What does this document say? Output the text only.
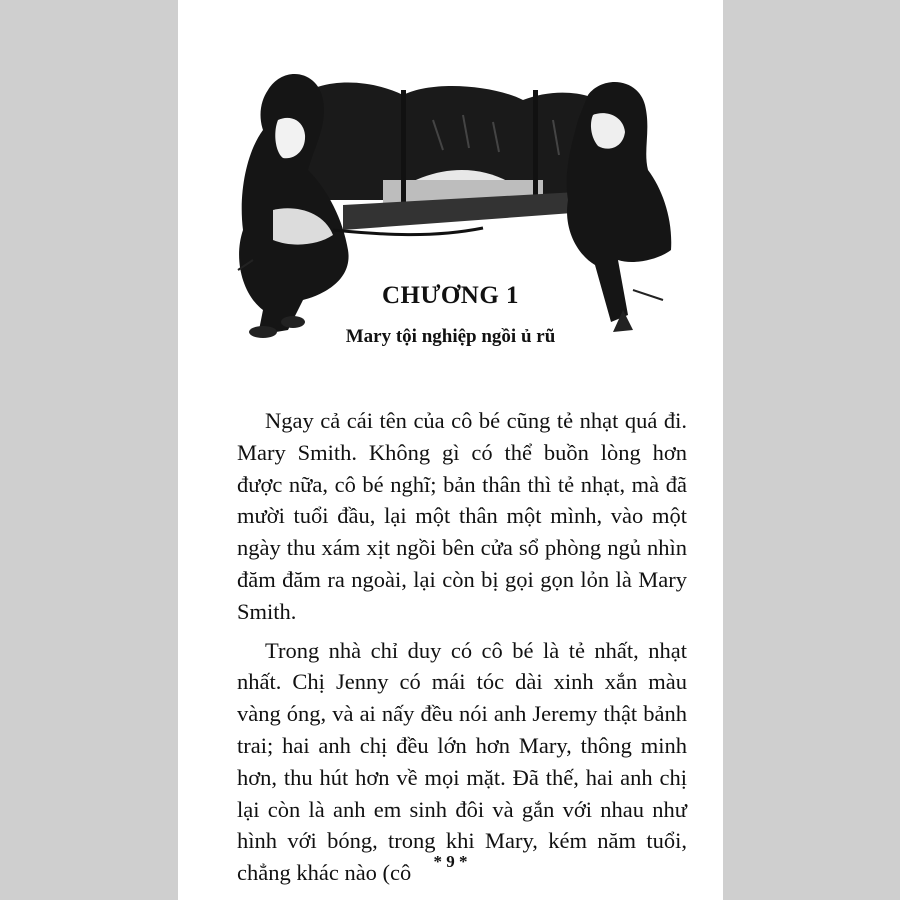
CHƯƠNG 1
Mary tội nghiệp ngồi ủ rũ

Ngay cả cái tên của cô bé cũng tẻ nhạt quá đi. Mary Smith. Không gì có thể buồn lòng hơn được nữa, cô bé nghĩ; bản thân thì tẻ nhạt, mà đã mười tuổi đầu, lại một thân một mình, vào một ngày thu xám xịt ngồi bên cửa sổ phòng ngủ nhìn đăm đăm ra ngoài, lại còn bị gọi gọn lỏn là Mary Smith.

Trong nhà chỉ duy có cô bé là tẻ nhất, nhạt nhất. Chị Jenny có mái tóc dài xinh xắn màu vàng óng, và ai nấy đều nói anh Jeremy thật bảnh trai; hai anh chị đều lớn hơn Mary, thông minh hơn, thu hút hơn về mọi mặt. Đã thế, hai anh chị lại còn là anh em sinh đôi và gắn với nhau như hình với bóng, trong khi Mary, kém năm tuổi, chẳng khác nào (cô	* 9 *
